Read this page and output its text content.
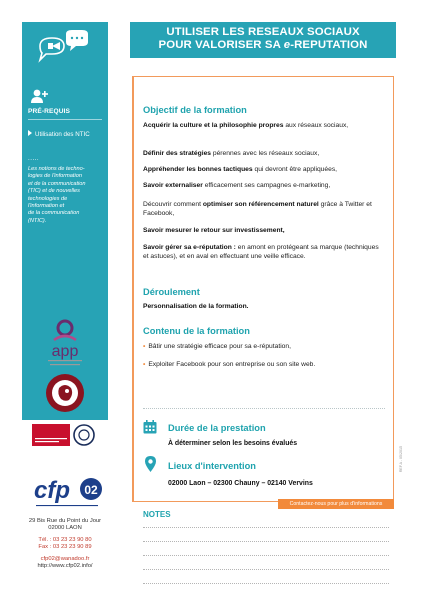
PRÉ-REQUIS
Utilisation des NTIC
.....
Les notions de techno-
logies de l'information
et de la communication
(TIC) et de nouvelles
technologies de
l'information et
de la communication
(NTIC).
app
cfp 02
29 Bis Rue du Point du Jour
02000 LAON
Tél. : 03 23 23 90 80
Fax : 03 23 23 90 89
cfp02@wanadoo.fr
http://www.cfp02.info/
UTILISER LES RESEAUX SOCIAUX
POUR VALORISER SA e-REPUTATION
Objectif de la formation
Acquérir la culture et la philosophie propres aux réseaux sociaux,
Définir des stratégies pérennes avec les réseaux sociaux,
Appréhender les bonnes tactiques qui devront être appliquées,
Savoir externaliser efficacement ses campagnes e-marketing,
Découvrir comment optimiser son référencement naturel grâce à Twitter et Facebook,
Savoir mesurer le retour sur investissement,
Savoir gérer sa e-réputation : en amont en protégeant sa marque (techniques et astuces), et en aval en effectuant une veille efficace.
Déroulement
Personnalisation de la formation.
Contenu de la formation
• Bâtir une stratégie efficace pour sa e-réputation,
• Exploiter Facebook pour son entreprise ou son site web.
Durée de la prestation
À déterminer selon les besoins évalués
Lieux d'intervention
02000 Laon – 02300 Chauny – 02140 Vervins
REF.A - 05/2015
Contactez-nous pour plus d'informations
NOTES
